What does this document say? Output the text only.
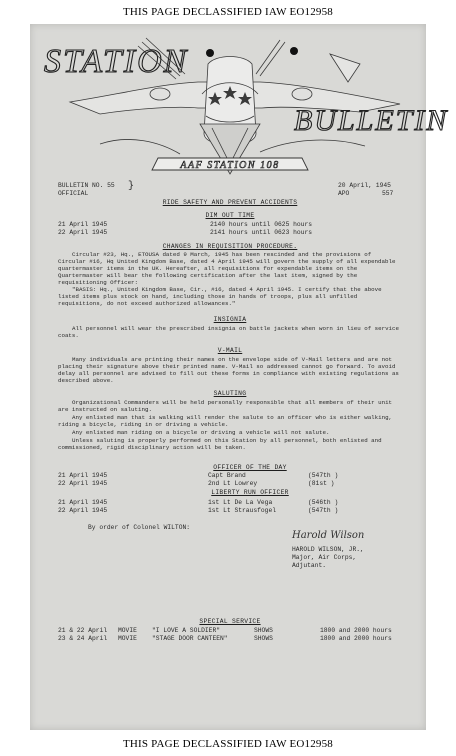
THIS PAGE DECLASSIFIED IAW EO12958
STATION
BULLETIN
AAF STATION 108
BULLETIN NO. 55 }
OFFICIAL
20 April, 1945
APO	557
RIDE SAFETY AND PREVENT ACCIDENTS
DIM OUT TIME
21 April 1945	2140 hours until 0625 hours
22 April 1945	2141 hours until 0623 hours
CHANGES IN REQUISITION PROCEDURE.
Circular #23, Hq., ETOUSA dated 9 March, 1945 has been rescinded and the provisions of Circular #16, Hq United Kingdom Base, dated 4 April 1945 will govern the supply of all expendable quartermaster items in the UK. Hereafter, all requisitions for expendable items on the Quartermaster will bear the following certification after the last item, signed by the requisitioning Officer:
"BASIS: Hq., United Kingdom Base, Cir., #16, dated 4 April 1945. I certify that the above listed items plus stock on hand, including those in hands of troops, plus all unfilled requisitions, do not exceed authorized allowances."
INSIGNIA
All personnel will wear the prescribed insignia on battle jackets when worn in lieu of service coats.
V-MAIL
Many individuals are printing their names on the envelope side of V-Mail letters and are not placing their signature above their printed name. V-Mail so addressed cannot go forward. To avoid delay all personnel are advised to fill out these forms in compliance with existing regulations as described above.
SALUTING
Organizational Commanders will be held personally responsible that all members of their unit are instructed on saluting.
Any enlisted man that is walking will render the salute to an officer who is either walking, riding a bicycle, riding in or driving a vehicle.
Any enlisted man riding on a bicycle or driving a vehicle will not salute.
Unless saluting is properly performed on this Station by all personnel, both enlisted and commissioned, rigid disciplinary action will be taken.
OFFICER OF THE DAY
21 April 1945	Capt Brand	(547th )
22 April 1945	2nd Lt Lowrey	(81st )
LIBERTY RUN OFFICER
21 April 1945	1st Lt De La Vega	(546th )
22 April 1945	1st Lt Strausfogel	(547th )
By order of Colonel WILTON:
Harold Wilson
HAROLD WILSON, JR.,
Major, Air Corps,
Adjutant.
SPECIAL SERVICE
21 & 22 April MOVIE "I LOVE A SOLDIER"	SHOWS	1800 and 2000 hours
23 & 24 April MOVIE "STAGE DOOR CANTEEN"	SHOWS	1800 and 2000 hours
THIS PAGE DECLASSIFIED IAW EO12958
